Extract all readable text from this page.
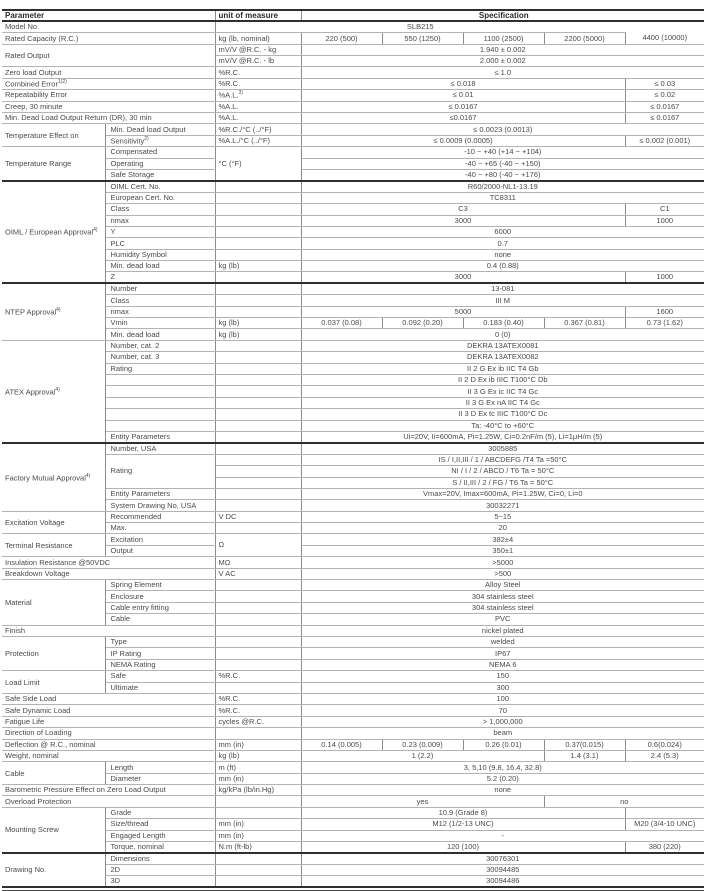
Parameter		unit of measure	Specification				
Model No.		SLB215					
Rated Capacity (R.C.)		kg (lb, nominal)	220 (500)	550 (1250)	1100 (2500)	2200 (5000)	4400 (10000)
Rated Output		mV/V @R.C. - kg	1.940 ± 0.002				
		mV/V @R.C. - lb	2.000 ± 0.002				
Zero load Output		%R.C.	≤ 1.0				
Combined Error$^{1)2)}$		%R.C.	≤ 0.018				≤ 0.03
Repeatability Error		%A.L.$^{3)}$	≤ 0.01				≤ 0.02
Creep, 30 minute		%A.L.	≤ 0.0167				≤ 0.0167
Min. Dead Load Output Return (DR), 30 min		%A.L.	≤0.0167				≤ 0.0167
Temperature Effect on	Min. Dead load Output	%R.C./°C (../°F)	≤ 0.0023 (0.0013)				
	Sensitivity$^{2)}$	%A.L./°C (../°F)	≤ 0.0009 (0.0005)				≤ 0.002 (0.001)
Temperature Range	Compensated	°C (°F)	-10 ~ +40 (+14 ~ +104)				
	Operating		-40 ~ +65 (-40 ~ +150)				
	Safe Storage		-40 ~ +80 (-40 ~ +176)				
OIML / European Approval$^{4)}$	OIML Cert. No.		R60/2000-NL1-13.19				
	European Cert. No.		TC8311				
	Class		C3				C1
	nmax		3000				1000
	Y		6000				
	PLC		0.7				
	Humidity Symbol		none				
	Min. dead load	kg (lb)	0.4 (0.88)				
	Z		3000				1000
NTEP Approval$^{4)}$	Number		13-081				
	Class		III M				
	nmax		5000				1600
	Vmin	kg (lb)	0.037 (0.08)	0.092 (0.20)	0.183 (0.40)	0.367 (0.81)	0.73 (1.62)
	Min. dead load	kg (lb)	0 (0)				
ATEX Approval$^{4)}$	Number, cat. 2		DEKRA 13ATEX0081				
	Number, cat. 3		DEKRA 13ATEX0082				
	Rating		II 2 G Ex ib IIC T4 Gb				
			II 2 D Ex ib IIIC T100°C Db				
			II 3 G Ex ic IIC T4 Gc				
			II 3 G Ex nA IIC T4 Gc				
			II 3 D Ex tc IIIC T100°C Dc				
			Ta: -40°C to +60°C				
	Entity Parameters		Ui=20V, Ii=600mA, Pi=1.25W, Ci=0.2nF/m (5), Li=1μH/m (5)				
Factory Mutual Approval$^{4)}$	Number, USA		3005885				
	Rating		IS / I,II,III / 1 / ABCDEFG /T4 Ta =50°C				
			NI / I / 2 / ABCD / T6 Ta = 50°C				
			S / II,III / 2 / FG / T6 Ta = 50°C				
	Entity Parameters		Vmax=20V, Imax=600mA, Pi=1.25W, Ci=0, Li=0				
	System Drawing No, USA		30032271				
Excitation Voltage	Recommended	V DC	5~15				
	Max.		20				
Terminal Resistance	Excitation	Ω	382±4				
	Output		350±1				
Insulation Resistance @50VDC		MΩ	>5000				
Breakdown Voltage		V AC	>500				
Material	Spring Element		Alloy Steel				
	Enclosure		304 stainless steel				
	Cable entry fitting		304 stainless steel				
	Cable		PVC				
Finish			nickel plated				
Protection	Type		welded				
	IP Rating		IP67				
	NEMA Rating		NEMA 6				
Load Limit	Safe	%R.C.	150				
	Ultimate		300				
Safe Side Load		%R.C.	100				
Safe Dynamic Load		%R.C.	70				
Fatigue Life		cycles @R.C.	> 1,000,000				
Direction of Loading			beam				
Deflection @ R.C., nominal		mm (in)	0.14 (0.005)	0.23 (0.009)	0.26 (0.01)	0.37(0.015)	0.6(0.024)
Weight, nominal		kg (lb)	1 (2.2)			1.4 (3.1)	2.4 (5.3)
Cable	Length	m (ft)	3, 5,10 (9.8, 16.4, 32.8)				
	Diameter	mm (in)	5.2 (0.20)				
Barometric Pressure Effect on Zero Load Output		kg/kPa (lb/in.Hg)	none				
Overload Protection			yes			no	
Mounting Screw	Grade		10.9 (Grade 8)				
	Size/thread	mm (in)	M12 (1/2-13 UNC)				M20 (3/4-10 UNC)
	Engaged Length	mm (in)	-				
	Torque, nominal	N.m (ft-lb)	120 (100)				380 (220)
Drawing No.	Dimensions		30076301				
	2D		30094485				
	3D		30094486				
